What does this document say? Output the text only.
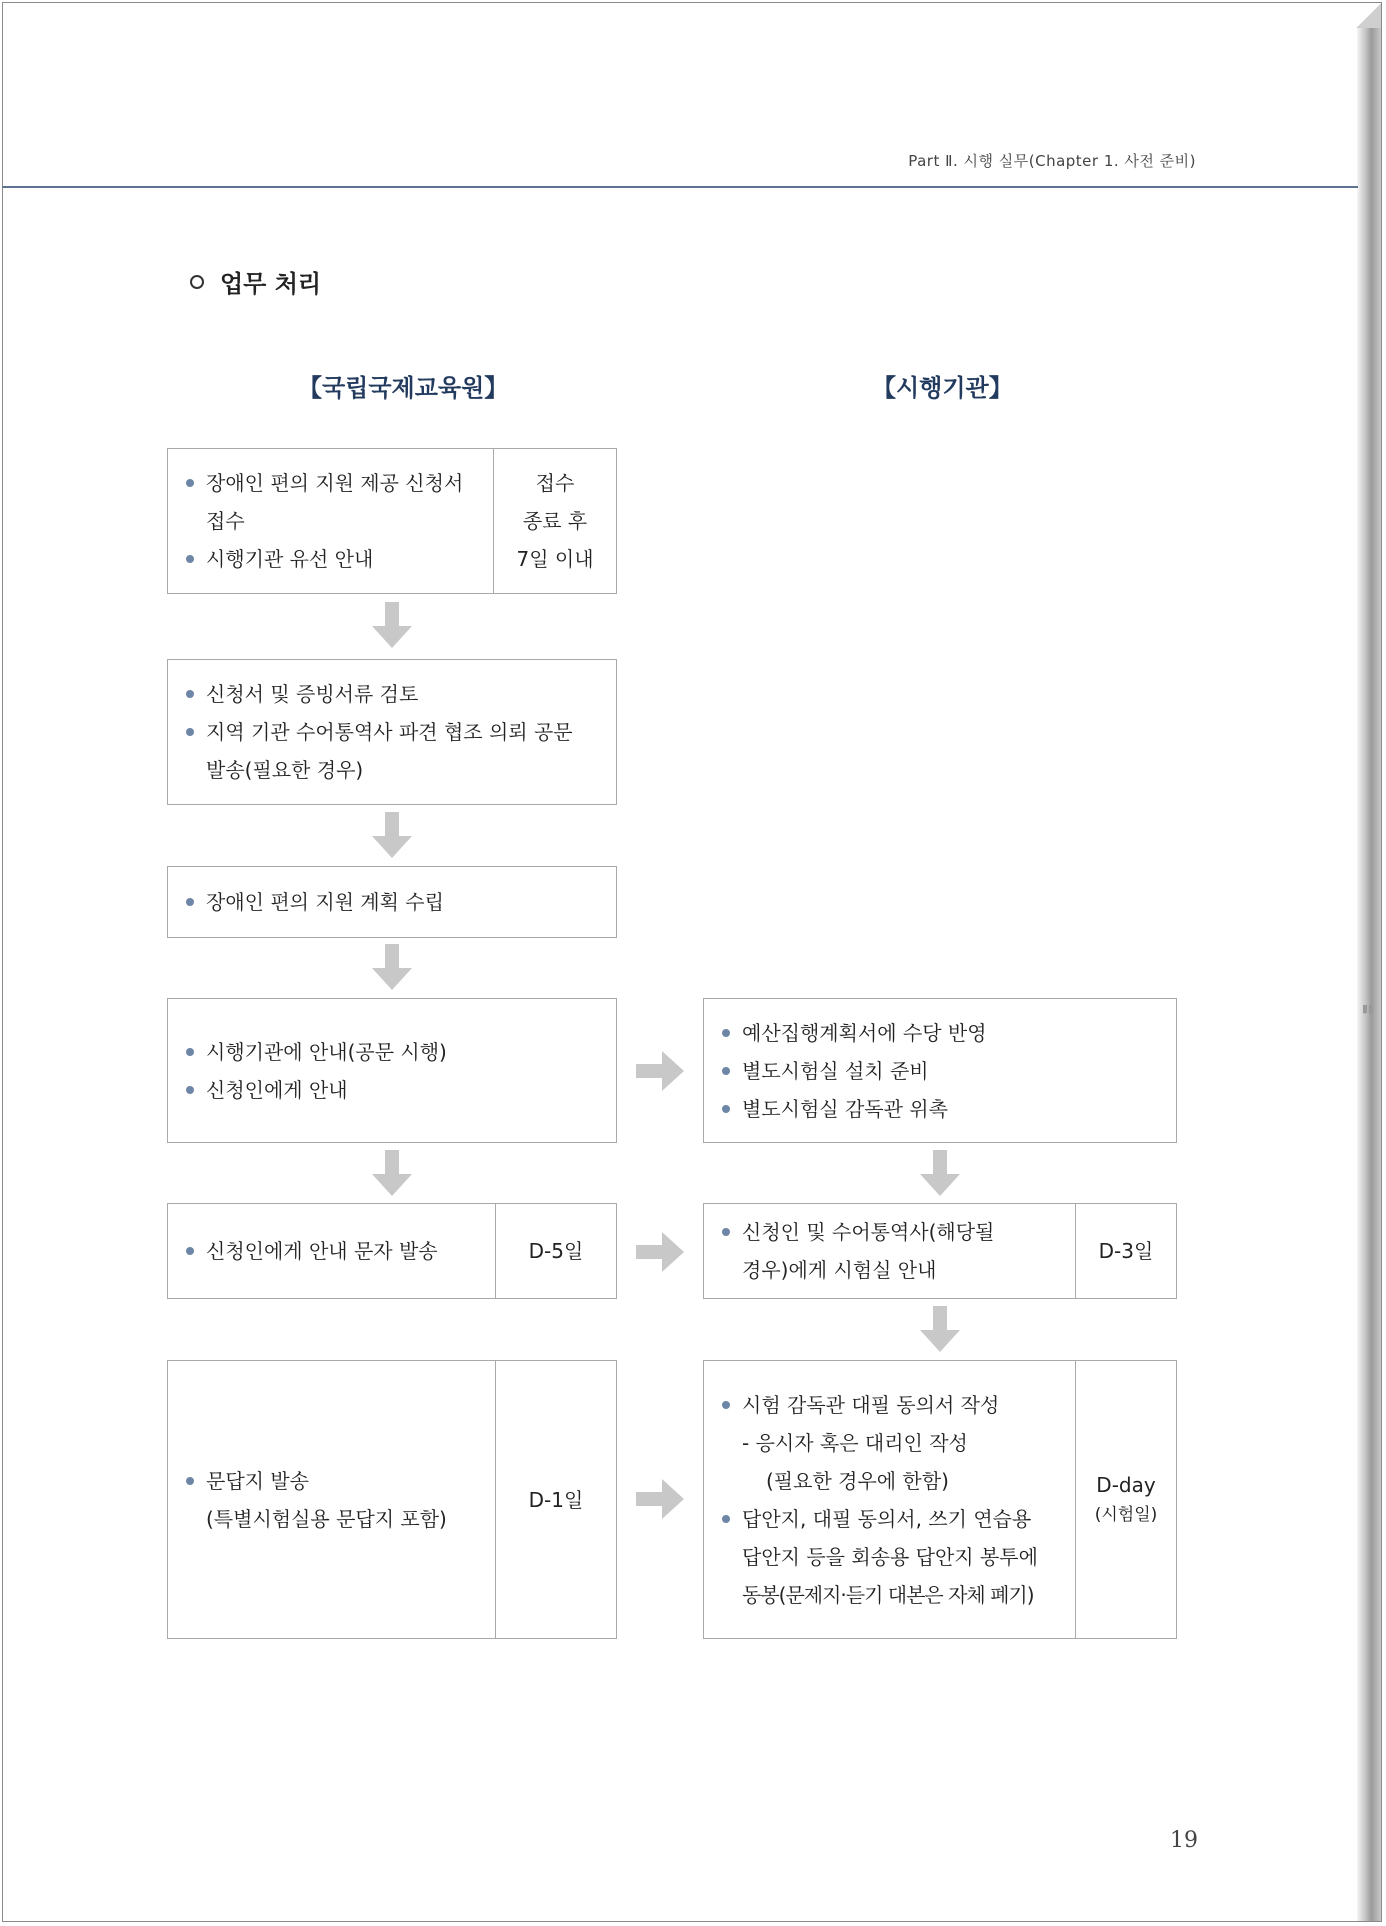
▮▮
Part Ⅱ. 시행 실무(Chapter 1. 사전 준비)
업무 처리
【국립국제교육원】	【시행기관】
장애인 편의 지원 제공 신청서
접수
시행기관 유선 안내
접수
종료 후
7일 이내
신청서 및 증빙서류 검토
지역 기관 수어통역사 파견 협조 의뢰 공문
발송(필요한 경우)
장애인 편의 지원 계획 수립
시행기관에 안내(공문 시행)
신청인에게 안내
예산집행계획서에 수당 반영
별도시험실 설치 준비
별도시험실 감독관 위촉
신청인에게 안내 문자 발송	D-5일
신청인 및 수어통역사(해당될
경우)에게 시험실 안내
D-3일
문답지 발송
(특별시험실용 문답지 포함)
D-1일
시험 감독관 대필 동의서 작성
- 응시자 혹은 대리인 작성
(필요한 경우에 한함)
답안지, 대필 동의서, 쓰기 연습용
답안지 등을 회송용 답안지 봉투에
동봉(문제지·듣기 대본은 자체 폐기)
D-day
(시험일)
19
